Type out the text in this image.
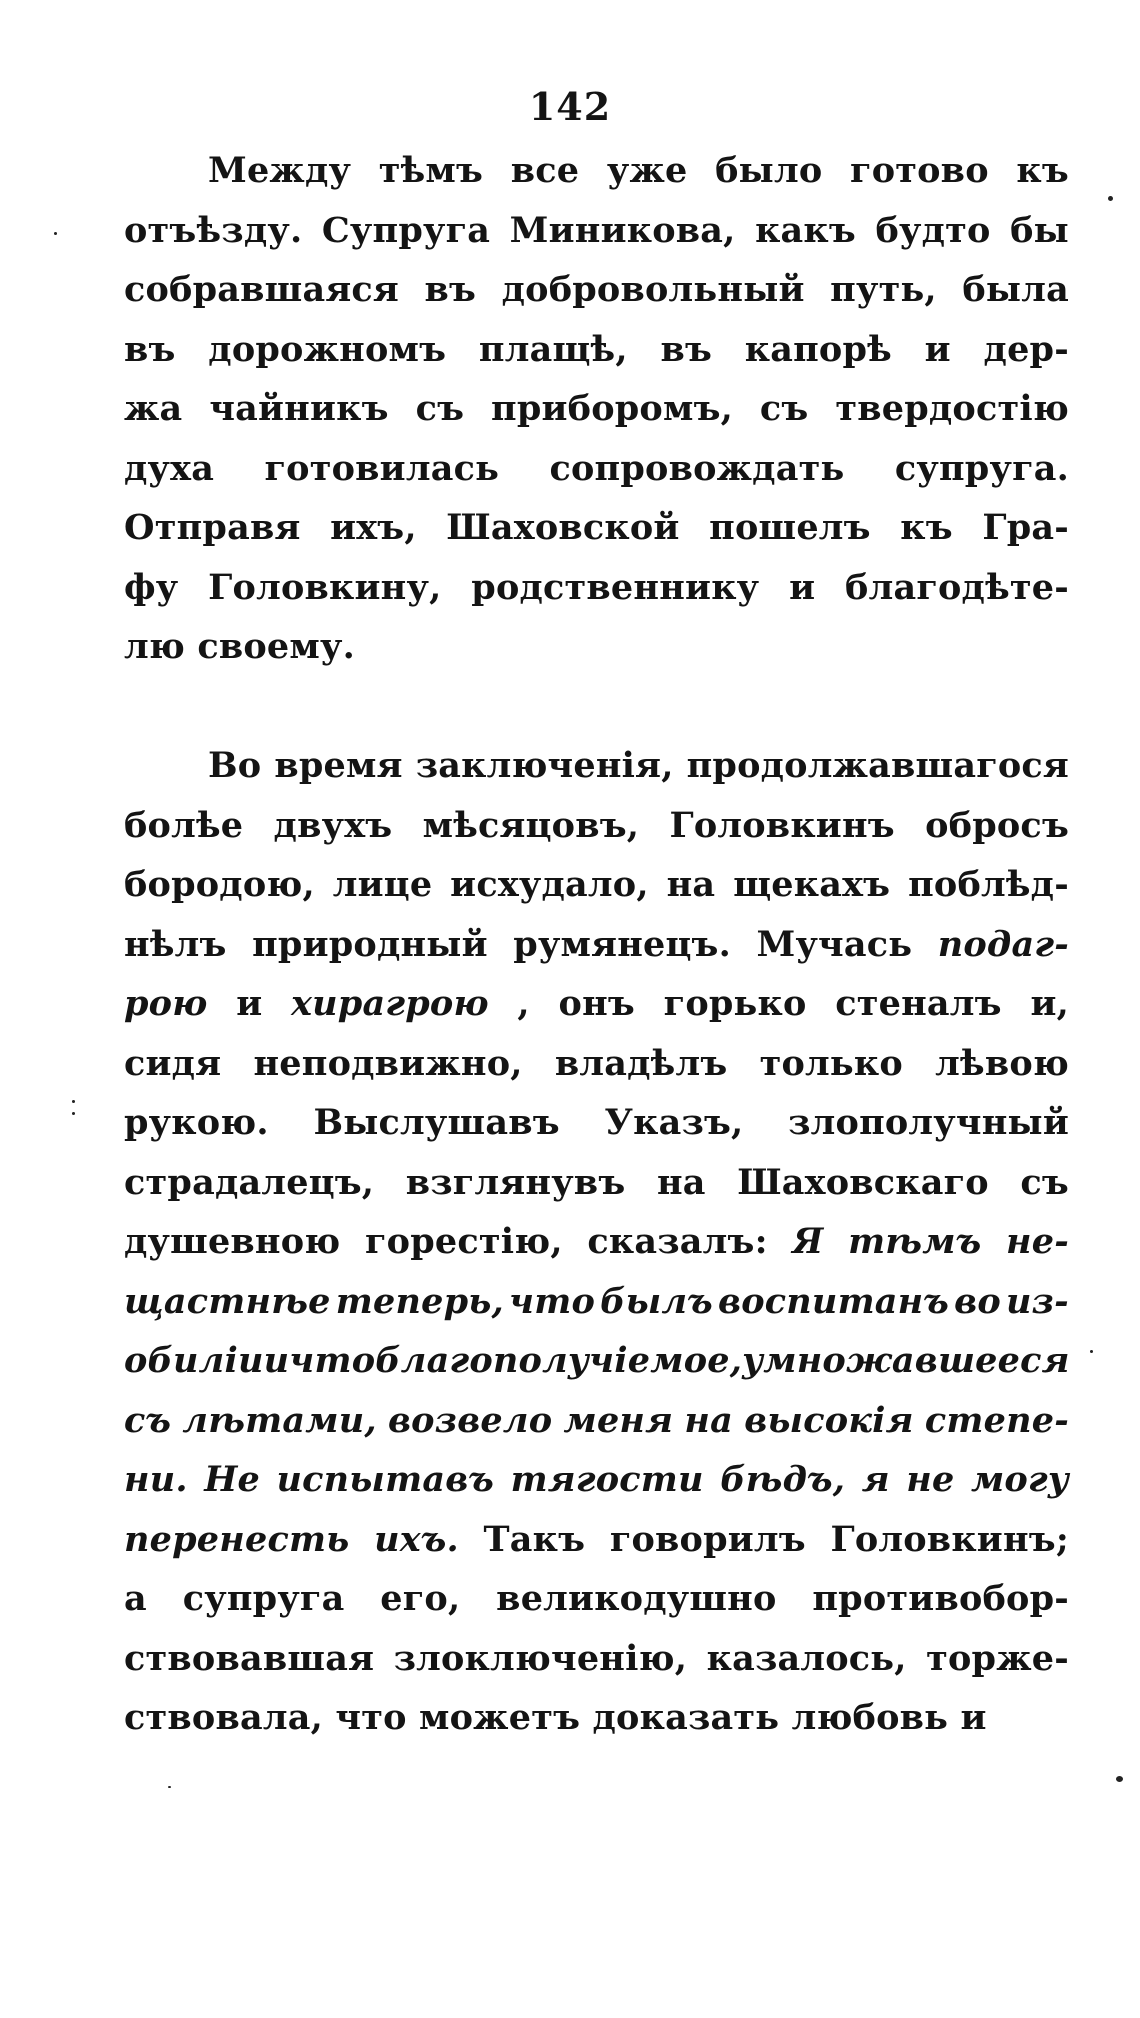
142
Между тѣмъ все уже было готово къ
отъѣзду. Супруга Миникова, какъ будто бы
собравшаяся въ добровольный путь, была
въ дорожномъ плащѣ, въ капорѣ и дер-
жа чайникъ съ приборомъ, съ твердостію
духа готовилась сопровождать супруга.
Отправя ихъ, Шаховской пошелъ къ Гра-
фу Головкину, родственнику и благодѣте-
лю
своему.

Во время заключенія, продолжавшагося
болѣе двухъ мѣсяцовъ, Головкинъ обросъ
бородою, лице исхудало, на щекахъ поблѣд-
нѣлъ природный румянецъ. Мучась подаг-
рою и хирагрою , онъ горько стеналъ и,
сидя неподвижно, владѣлъ только лѣвою
рукою. Выслушавъ Указъ, злополучный
страдалецъ, взглянувъ на Шаховскаго съ
душевною горестію, сказалъ: Я тѣмъ не-
щастнѣе теперь, что былъ воспитанъ во из-
обиліи и что благополучіе мое, умножавшееся
съ лѣтами, возвело меня на высокія степе-
ни. Не испытавъ тягости бѣдъ, я не могу
перенесть ихъ. Такъ говорилъ Головкинъ;
а супруга его, великодушно противобор-
ствовавшая злоключенію, казалось, торже-
ствовала,
что
можетъ
доказать
любовь
и
